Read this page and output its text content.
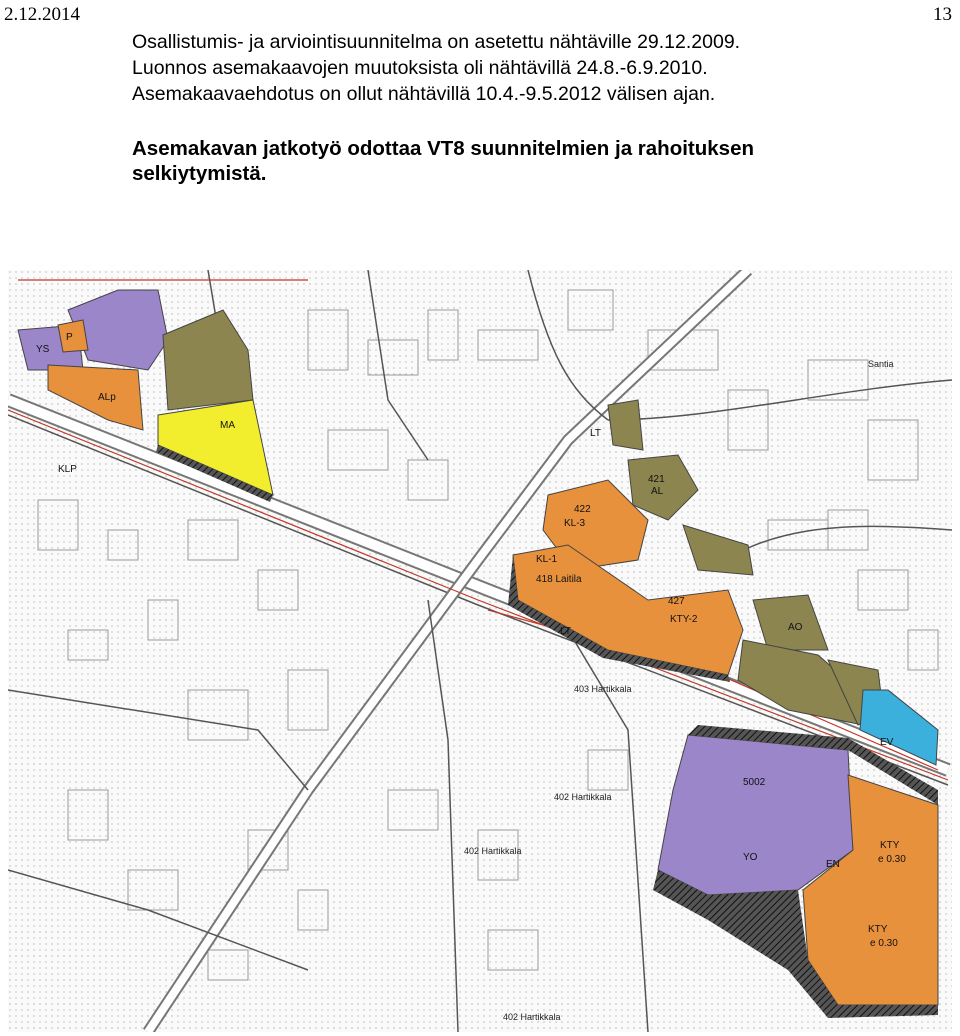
2.12.2014	13
Osallistumis- ja arviointisuunnitelma on asetettu nähtäville 29.12.2009.
Luonnos asemakaavojen muutoksista oli nähtävillä 24.8.-6.9.2010.
Asemakaavaehdotus on ollut nähtävillä 10.4.-9.5.2012 välisen ajan.
Asemakavan jatkotyö odottaa VT8 suunnitelmien ja rahoituksen
selkiytymistä.
YS
P
ALp
MA
KLP
422
KL-3
421
AL
KL-1
418 Laitila
427
KTY-2
AO
LT
LT
EV
5002
YO
EN
KTY
KTY
e 0.30
e 0.30
403 Hartikkala
402 Hartikkala
402 Hartikkala
402 Hartikkala
Santia
